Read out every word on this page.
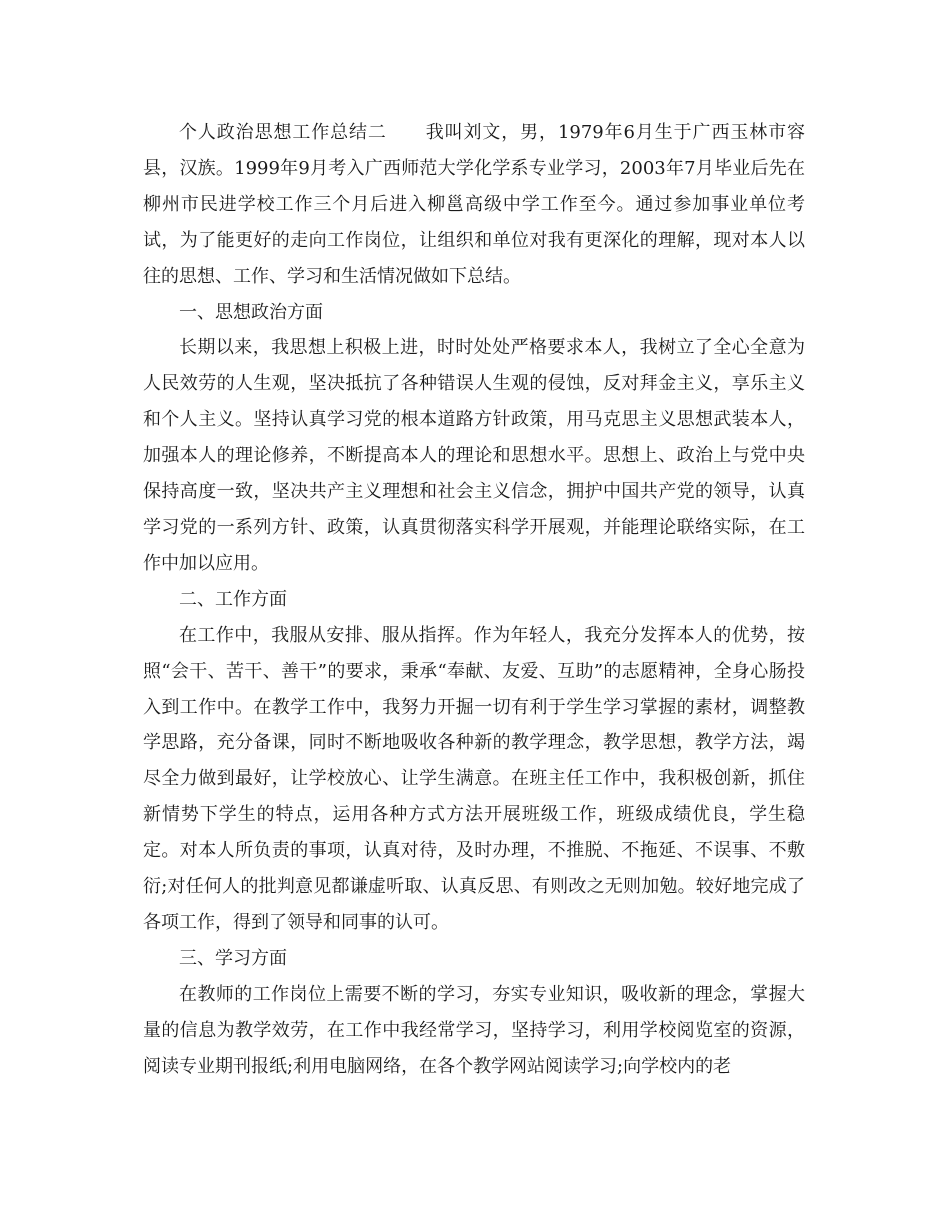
个人政治思想工作总结二 我叫刘文，男，1979年6月生于广西玉林市容县，汉族。1999年9月考入广西师范大学化学系专业学习，2003年7月毕业后先在柳州市民进学校工作三个月后进入柳邕高级中学工作至今。通过参加事业单位考试，为了能更好的走向工作岗位，让组织和单位对我有更深化的理解，现对本人以往的思想、工作、学习和生活情况做如下总结。

一、思想政治方面

长期以来，我思想上积极上进，时时处处严格要求本人，我树立了全心全意为人民效劳的人生观，坚决抵抗了各种错误人生观的侵蚀，反对拜金主义，享乐主义和个人主义。坚持认真学习党的根本道路方针政策，用马克思主义思想武装本人，加强本人的理论修养，不断提高本人的理论和思想水平。思想上、政治上与党中央保持高度一致，坚决共产主义理想和社会主义信念，拥护中国共产党的领导，认真学习党的一系列方针、政策，认真贯彻落实科学开展观，并能理论联络实际，在工作中加以应用。

二、工作方面

在工作中，我服从安排、服从指挥。作为年轻人，我充分发挥本人的优势，按照“会干、苦干、善干”的要求，秉承“奉献、友爱、互助”的志愿精神，全身心肠投入到工作中。在教学工作中，我努力开掘一切有利于学生学习掌握的素材，调整教学思路，充分备课，同时不断地吸收各种新的教学理念，教学思想，教学方法，竭尽全力做到最好，让学校放心、让学生满意。在班主任工作中，我积极创新，抓住新情势下学生的特点，运用各种方式方法开展班级工作，班级成绩优良，学生稳定。对本人所负责的事项，认真对待，及时办理，不推脱、不拖延、不误事、不敷衍;对任何人的批判意见都谦虚听取、认真反思、有则改之无则加勉。较好地完成了各项工作，得到了领导和同事的认可。

三、学习方面

在教师的工作岗位上需要不断的学习，夯实专业知识，吸收新的理念，掌握大量的信息为教学效劳，在工作中我经常学习，坚持学习，利用学校阅览室的资源，阅读专业期刊报纸;利用电脑网络，在各个教学网站阅读学习;向学校内的老
